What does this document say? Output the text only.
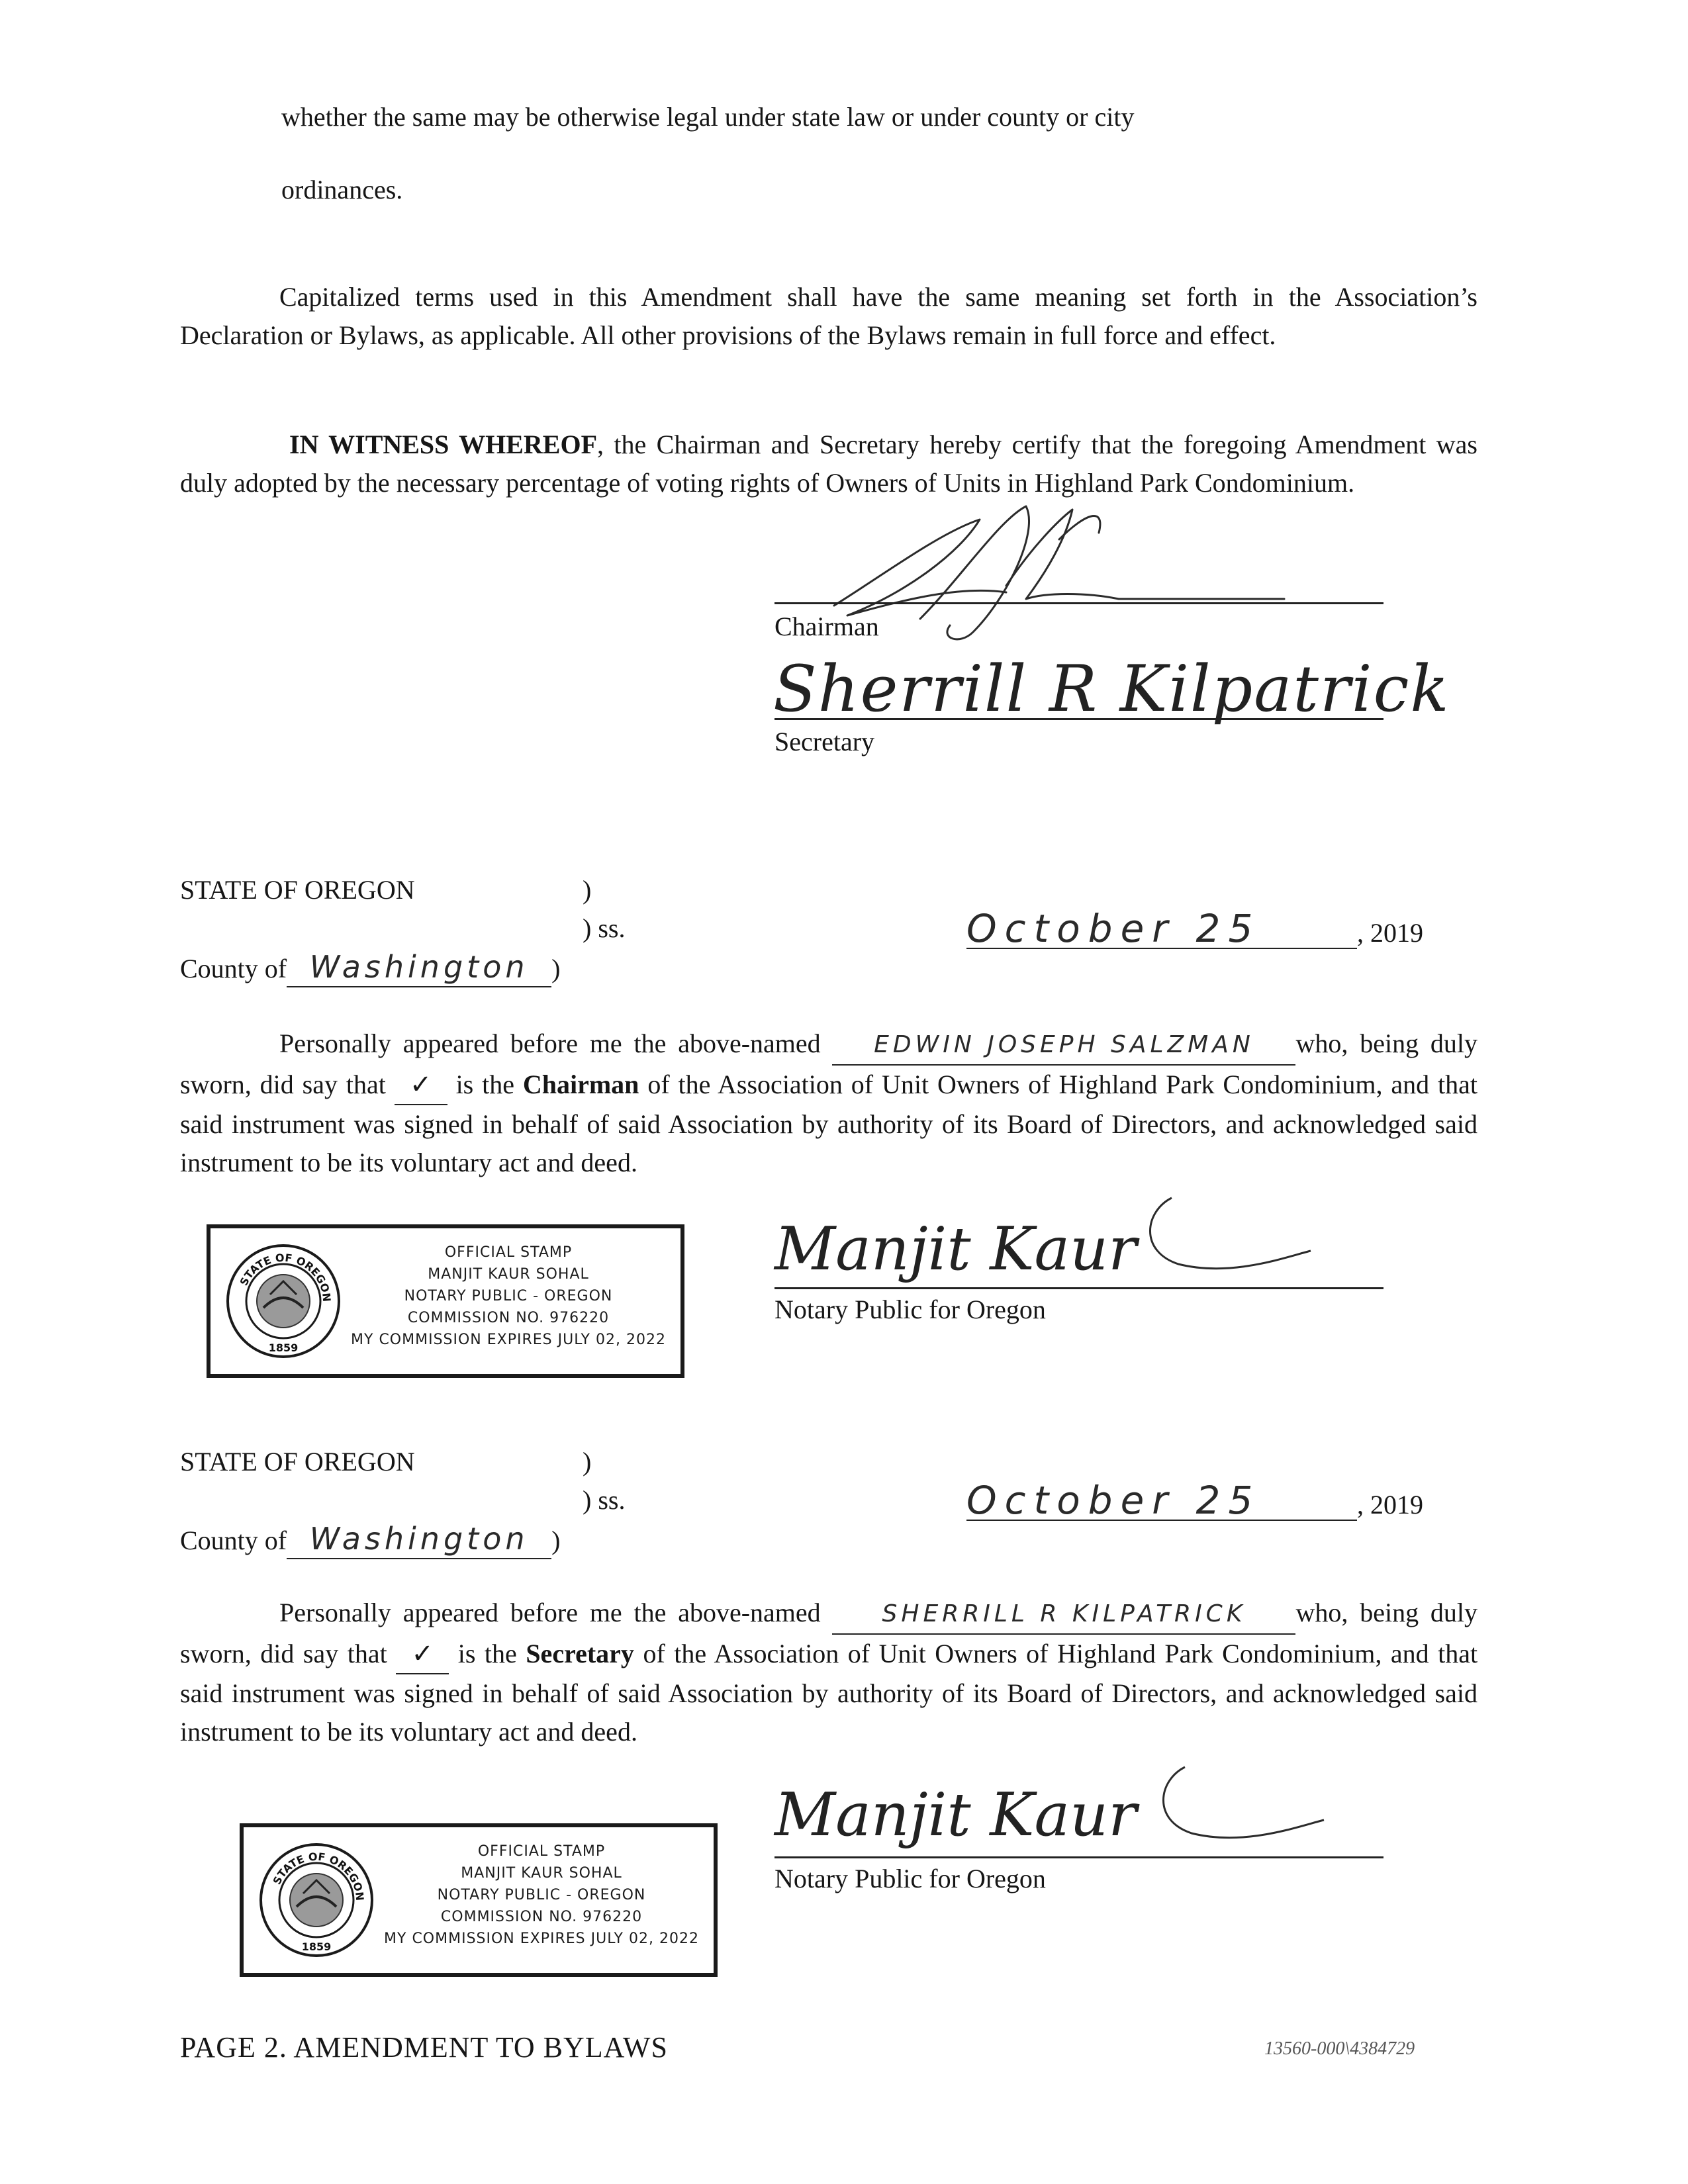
whether the same may be otherwise legal under state law or under county or city
ordinances.
Capitalized terms used in this Amendment shall have the same meaning set forth in the Association’s Declaration or Bylaws, as applicable. All other provisions of the Bylaws remain in full force and effect.
IN WITNESS WHEREOF, the Chairman and Secretary hereby certify that the foregoing Amendment was duly adopted by the necessary percentage of voting rights of Owners of Units in Highland Park Condominium.
Chairman
Sherrill R Kilpatrick
Secretary
STATE OF OREGON	)
) ss.
County of Washington )
October 25	, 2019
Personally appeared before me the above-named EDWIN JOSEPH SALZMAN who, being duly sworn, did say that ✓ is the Chairman of the Association of Unit Owners of Highland Park Condominium, and that said instrument was signed in behalf of said Association by authority of its Board of Directors, and acknowledged said instrument to be its voluntary act and deed.
STATE OF OREGON
1859
OFFICIAL STAMP
MANJIT KAUR SOHAL
NOTARY PUBLIC - OREGON
COMMISSION NO. 976220
MY COMMISSION EXPIRES JULY 02, 2022
Manjit Kaur
Notary Public for Oregon
STATE OF OREGON	)
) ss.
County of Washington )
October 25	, 2019
Personally appeared before me the above-named	SHERRILL R KILPATRICK who, being duly sworn, did say that ✓ is the Secretary of the Association of Unit Owners of Highland Park Condominium, and that said instrument was signed in behalf of said Association by authority of its Board of Directors, and acknowledged said instrument to be its voluntary act and deed.
STATE OF OREGON
1859
OFFICIAL STAMP
MANJIT KAUR SOHAL
NOTARY PUBLIC - OREGON
COMMISSION NO. 976220
MY COMMISSION EXPIRES JULY 02, 2022
Manjit Kaur
Notary Public for Oregon
PAGE 2. AMENDMENT TO BYLAWS	13560-000\4384729
